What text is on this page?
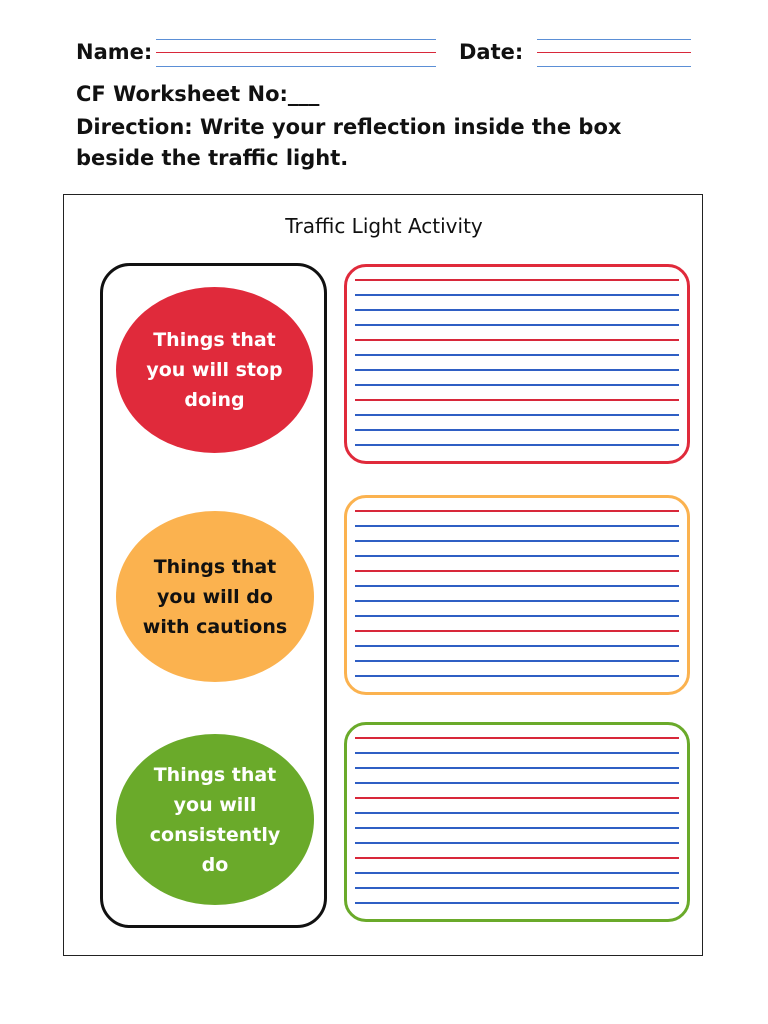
Name:	Date:
CF Worksheet No:___
Direction: Write your reflection inside the box
beside the traffic light.
Traffic Light Activity
Things that
you will stop
doing
Things that
you will do
with cautions
Things that
you will
consistently
do
